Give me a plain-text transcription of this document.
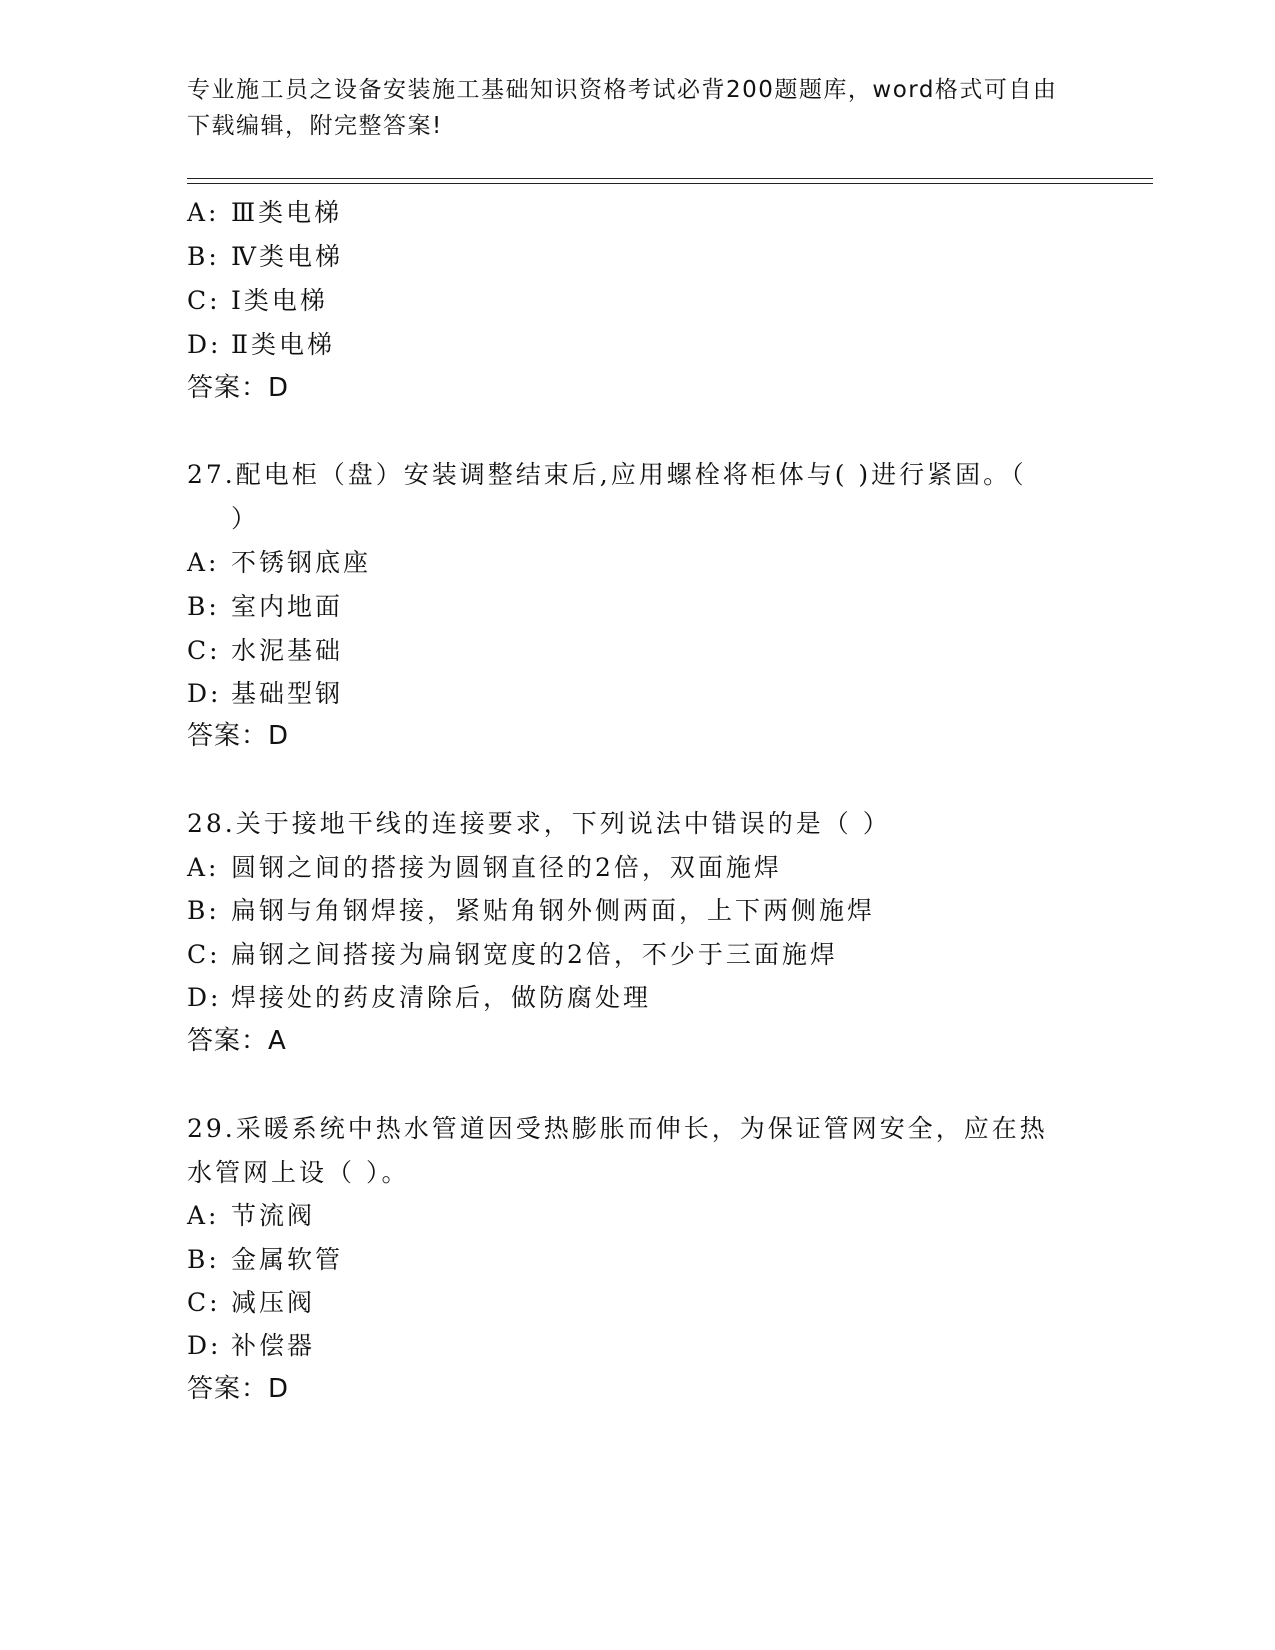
专业施工员之设备安装施工基础知识资格考试必背200题题库，word格式可自由
下载编辑，附完整答案!
A: Ⅲ类电梯
B: Ⅳ类电梯
C: Ⅰ类电梯
D: Ⅱ类电梯
答案：D
27.配电柜（盘）安装调整结束后,应用螺栓将柜体与( )进行紧固。（
）
A: 不锈钢底座
B: 室内地面
C: 水泥基础
D: 基础型钢
答案：D
28.关于接地干线的连接要求，下列说法中错误的是（ ）
A: 圆钢之间的搭接为圆钢直径的2倍，双面施焊
B: 扁钢与角钢焊接，紧贴角钢外侧两面，上下两侧施焊
C: 扁钢之间搭接为扁钢宽度的2倍，不少于三面施焊
D: 焊接处的药皮清除后，做防腐处理
答案：A
29.采暖系统中热水管道因受热膨胀而伸长，为保证管网安全，应在热
水管网上设（ ）。
A: 节流阀
B: 金属软管
C: 减压阀
D: 补偿器
答案：D
